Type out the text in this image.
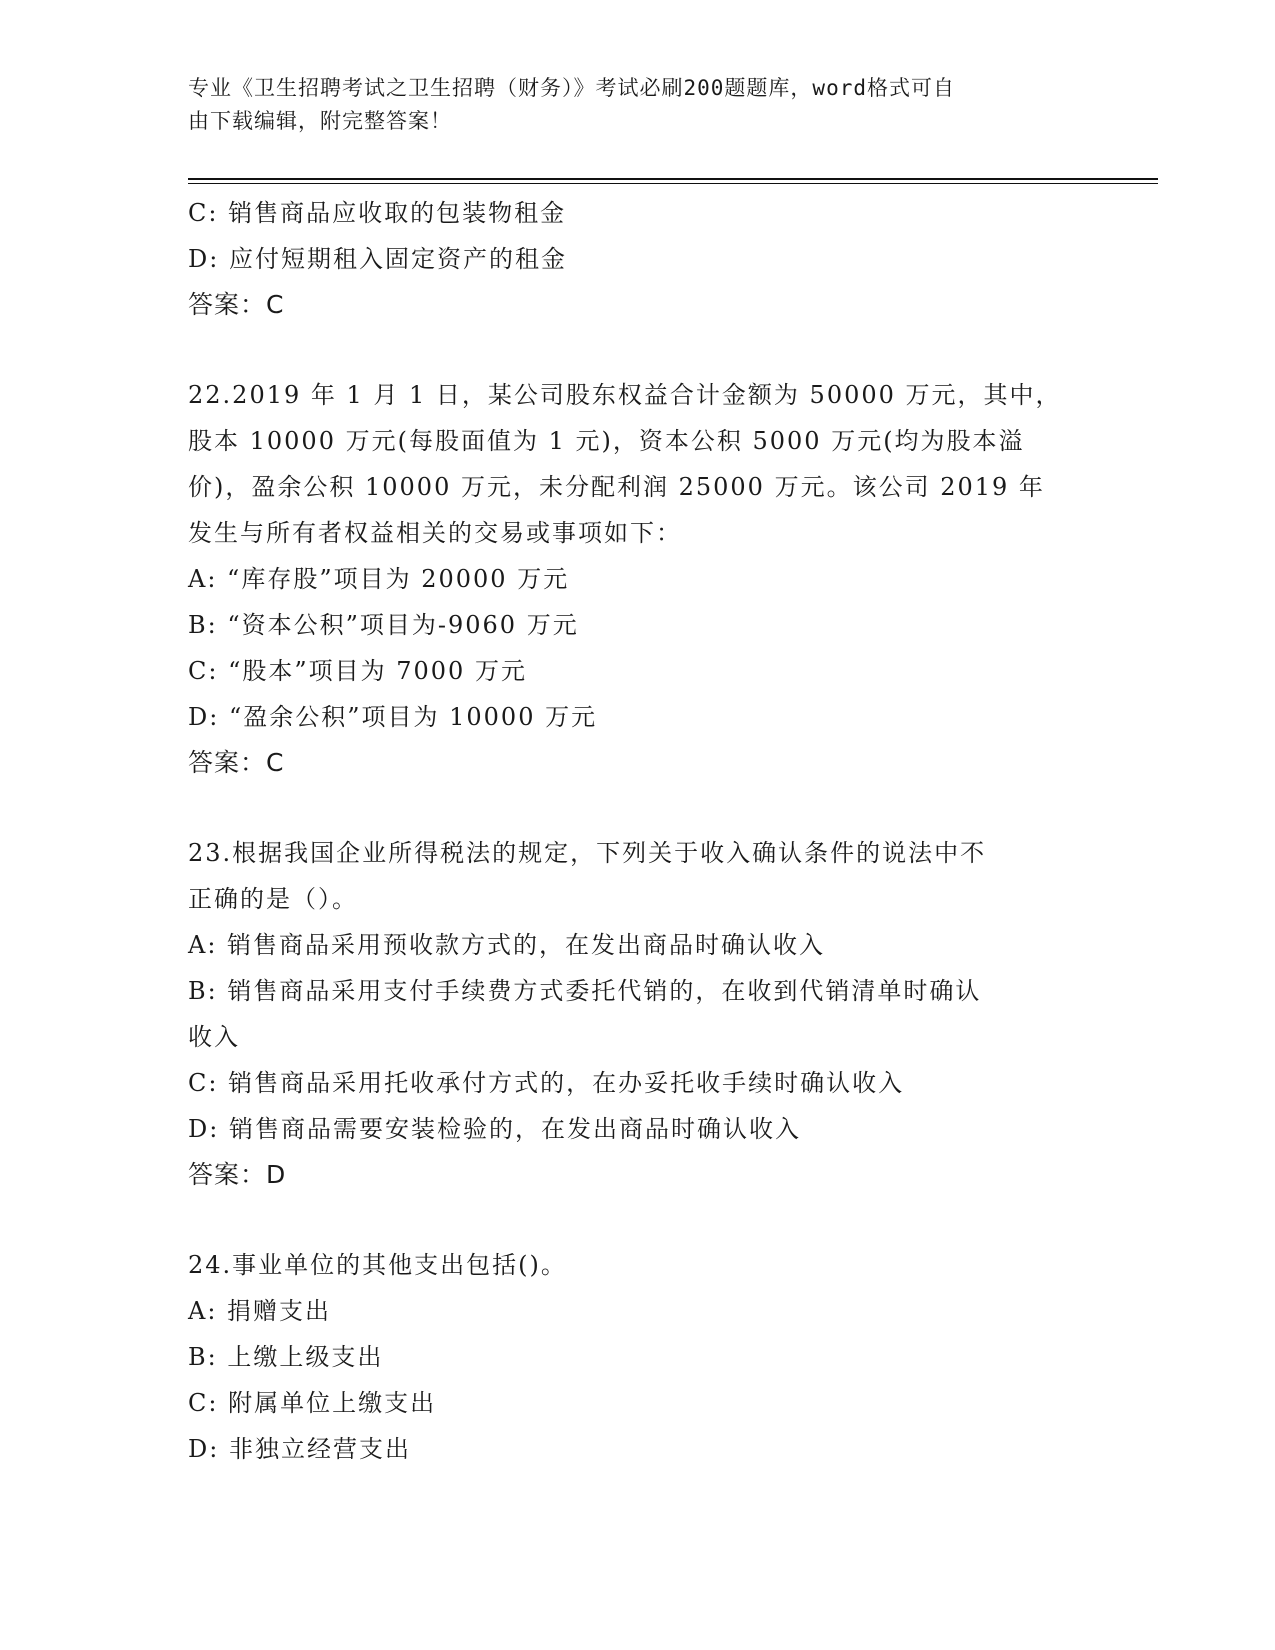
专业《卫生招聘考试之卫生招聘（财务）》考试必刷200题题库，word格式可自
由下载编辑，附完整答案！
C: 销售商品应收取的包装物租金
D: 应付短期租入固定资产的租金
答案：C
22.2019 年 1 月 1 日，某公司股东权益合计金额为 50000 万元，其中，
股本 10000 万元(每股面值为 1 元)，资本公积 5000 万元(均为股本溢
价)，盈余公积 10000 万元，未分配利润 25000 万元。该公司 2019 年
发生与所有者权益相关的交易或事项如下：
A: “库存股”项目为 20000 万元
B: “资本公积”项目为-9060 万元
C: “股本”项目为 7000 万元
D: “盈余公积”项目为 10000 万元
答案：C
23.根据我国企业所得税法的规定，下列关于收入确认条件的说法中不
正确的是（）。
A: 销售商品采用预收款方式的，在发出商品时确认收入
B: 销售商品采用支付手续费方式委托代销的，在收到代销清单时确认
收入
C: 销售商品采用托收承付方式的，在办妥托收手续时确认收入
D: 销售商品需要安装检验的，在发出商品时确认收入
答案：D
24.事业单位的其他支出包括()。
A: 捐赠支出
B: 上缴上级支出
C: 附属单位上缴支出
D: 非独立经营支出
